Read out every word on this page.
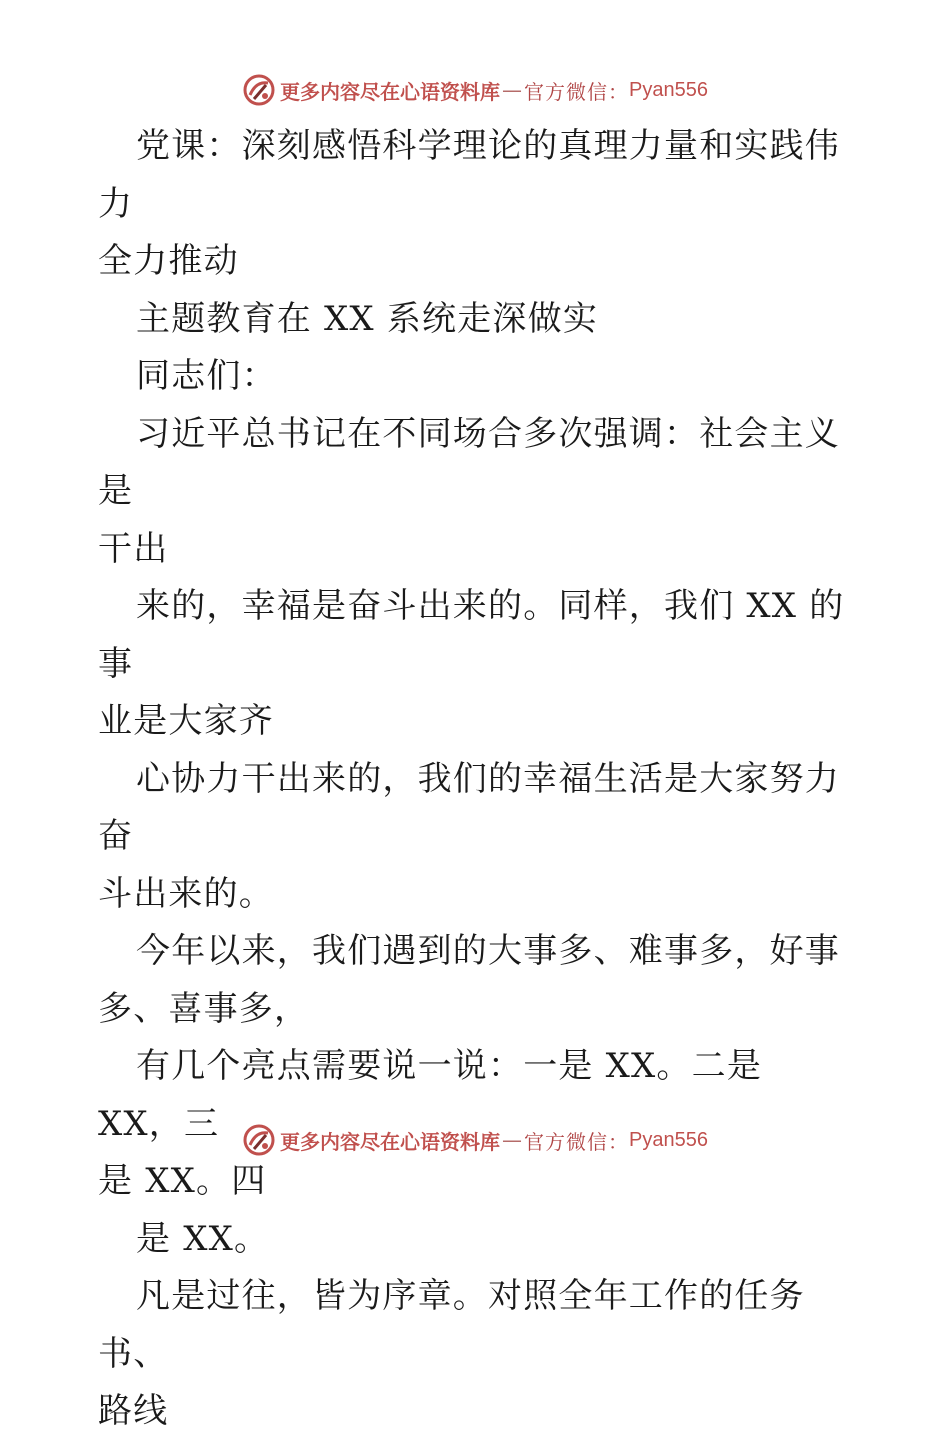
更多内容尽在心语资料库 — 官方微信： Pyan556

党课：深刻感悟科学理论的真理力量和实践伟力

全力推动

主题教育在 XX 系统走深做实

同志们：

习近平总书记在不同场合多次强调：社会主义是

干出

来的，幸福是奋斗出来的。同样，我们 XX 的事

业是大家齐

心协力干出来的，我们的幸福生活是大家努力奋

斗出来的。

今年以来，我们遇到的大事多、难事多，好事

多、喜事多，

有几个亮点需要说一说：一是 XX。二是 XX，三

是 XX。四

是 XX。

凡是过往，皆为序章。对照全年工作的任务书、

路线

更多内容尽在心语资料库 — 官方微信： Pyan556
